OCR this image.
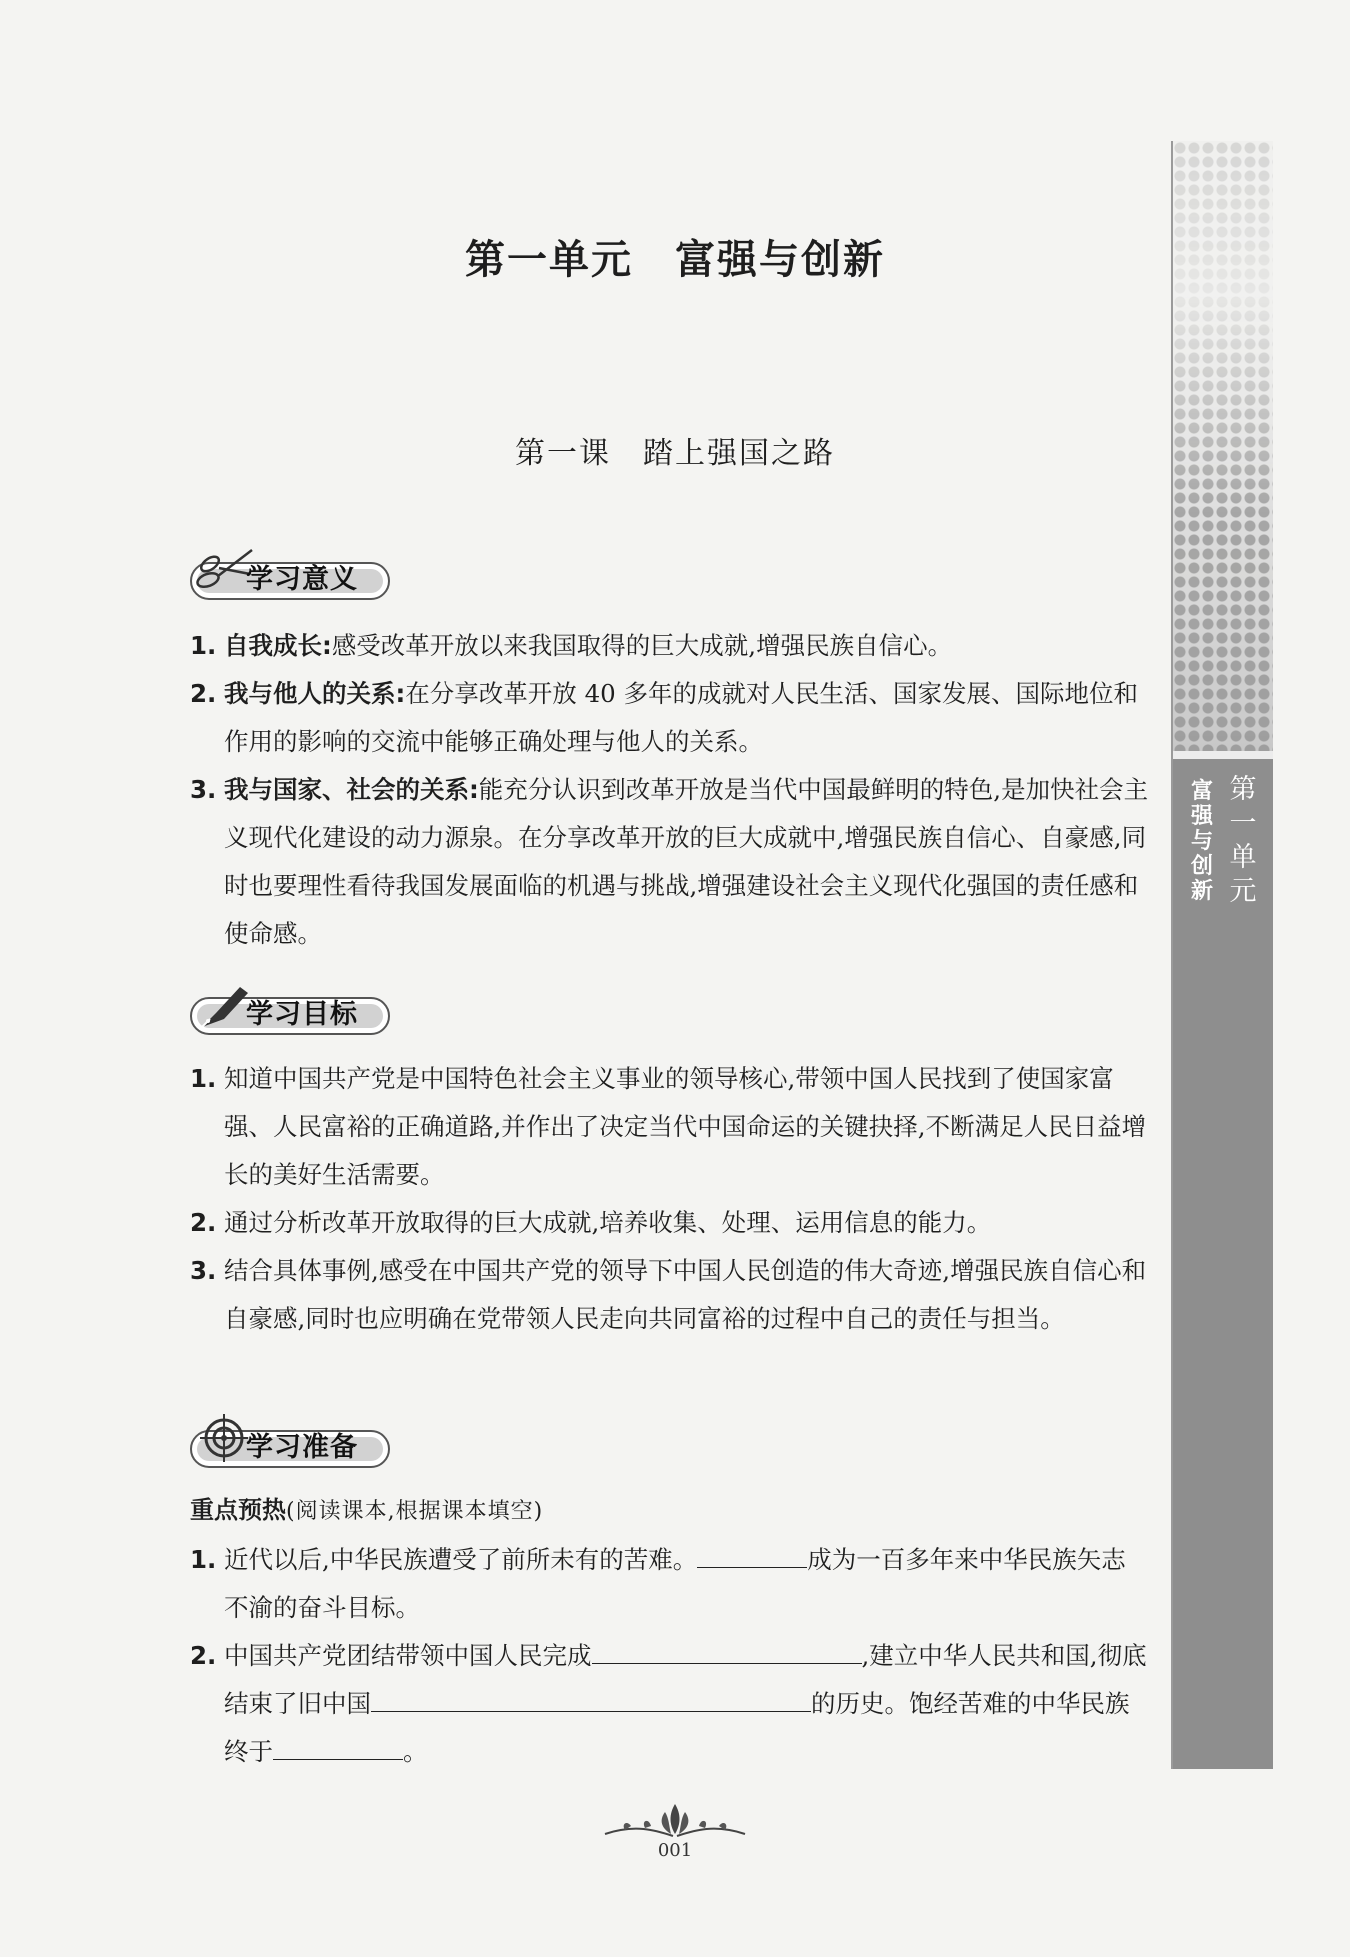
第一单元
富强与创新
第一单元　富强与创新
第一课　踏上强国之路
学习意义
1. 自我成长:感受改革开放以来我国取得的巨大成就,增强民族自信心。
2. 我与他人的关系:在分享改革开放 40 多年的成就对人民生活、国家发展、国际地位和作用的影响的交流中能够正确处理与他人的关系。
3. 我与国家、社会的关系:能充分认识到改革开放是当代中国最鲜明的特色,是加快社会主义现代化建设的动力源泉。在分享改革开放的巨大成就中,增强民族自信心、自豪感,同时也要理性看待我国发展面临的机遇与挑战,增强建设社会主义现代化强国的责任感和使命感。
学习目标
1. 知道中国共产党是中国特色社会主义事业的领导核心,带领中国人民找到了使国家富强、人民富裕的正确道路,并作出了决定当代中国命运的关键抉择,不断满足人民日益增长的美好生活需要。
2. 通过分析改革开放取得的巨大成就,培养收集、处理、运用信息的能力。
3. 结合具体事例,感受在中国共产党的领导下中国人民创造的伟大奇迹,增强民族自信心和自豪感,同时也应明确在党带领人民走向共同富裕的过程中自己的责任与担当。
学习准备
重点预热(阅读课本,根据课本填空)
1. 近代以后,中华民族遭受了前所未有的苦难。	成为一百多年来中华民族矢志不渝的奋斗目标。
2. 中国共产党团结带领中国人民完成	,建立中华人民共和国,彻底结束了旧中国	的历史。饱经苦难的中华民族终于	。
001
